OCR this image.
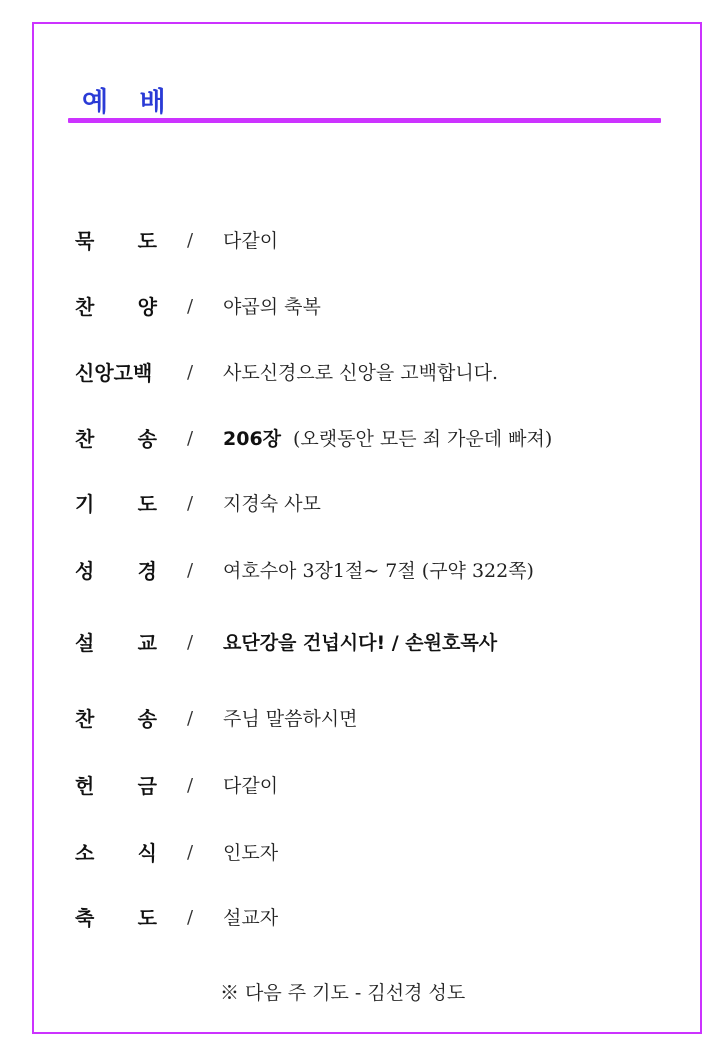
예 배
묵 도 / 다같이
찬 양 / 야곱의 축복
신앙고백 / 사도신경으로 신앙을 고백합니다.
찬 송 / 206장 (오랫동안 모든 죄 가운데 빠져)
기 도 / 지경숙 사모
성 경 / 여호수아 3장1절∼ 7절 (구약 322쪽)
설 교 / 요단강을 건넙시다! / 손원호목사
찬 송 / 주님 말씀하시면
헌 금 / 다같이
소 식 / 인도자
축 도 / 설교자
※ 다음 주 기도 - 김선경 성도
